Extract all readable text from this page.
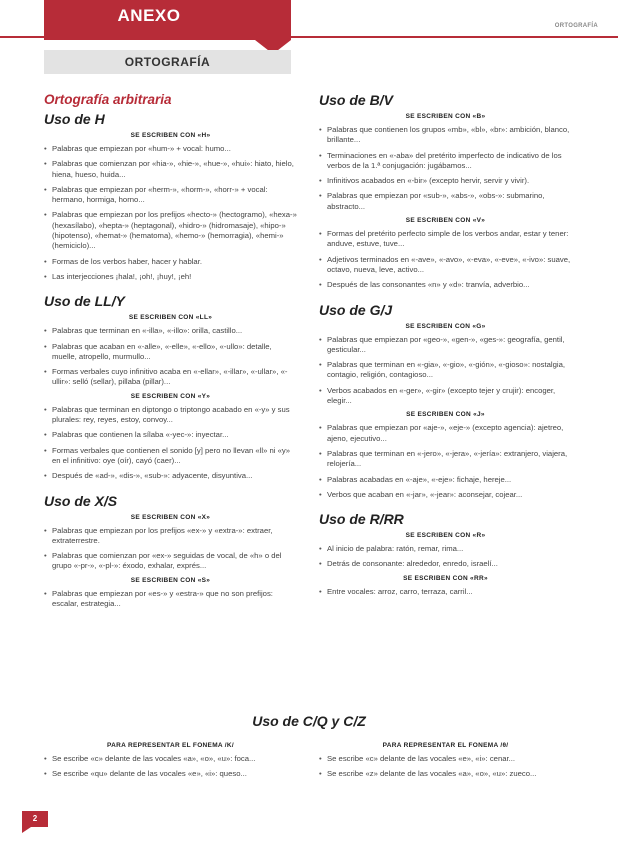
ANEXO
ORTOGRAFÍA
ORTOGRAFÍA
Ortografía arbitraria
Uso de H
SE ESCRIBEN CON «H»
• Palabras que empiezan por «hum-» + vocal: humo...
• Palabras que comienzan por «hia-», «hie-», «hue-», «hui»: hiato, hielo, hiena, hueso, huida...
• Palabras que empiezan por «herm-», «horm-», «horr-» + vocal: hermano, hormiga, horno...
• Palabras que empiezan por los prefijos «hecto-» (hectogramo), «hexa-» (hexasílabo), «hepta-» (heptagonal), «hidro-» (hidromasaje), «hipo-» (hipotenso), «hemat-» (hematoma), «hemo-» (hemorragia), «hemi-» (hemiciclo)...
• Formas de los verbos haber, hacer y hablar.
• Las interjecciones ¡hala!, ¡oh!, ¡huy!, ¡eh!
Uso de LL/Y
SE ESCRIBEN CON «LL»
• Palabras que terminan en «-illa», «-illo»: orilla, castillo...
• Palabras que acaban en «-alle», «-elle», «-ello», «-ullo»: detalle, muelle, atropello, murmullo...
• Formas verbales cuyo infinitivo acaba en «-ellar», «-illar», «-ullar», «-ullir»: selló (sellar), pillaba (pillar)...
SE ESCRIBEN CON «Y»
• Palabras que terminan en diptongo o triptongo acabado en «-y» y sus plurales: rey, reyes, estoy, convoy...
• Palabras que contienen la sílaba «-yec-»: inyectar...
• Formas verbales que contienen el sonido [y] pero no llevan «ll» ni «y» en el infinitivo: oye (oír), cayó (caer)...
• Después de «ad-», «dis-», «sub-»: adyacente, disyuntiva...
Uso de X/S
SE ESCRIBEN CON «X»
• Palabras que empiezan por los prefijos «ex-» y «extra-»: extraer, extraterrestre.
• Palabras que comienzan por «ex-» seguidas de vocal, de «h» o del grupo «-pr-», «-pl-»: éxodo, exhalar, exprés...
SE ESCRIBEN CON «S»
• Palabras que empiezan por «es-» y «estra-» que no son prefijos: escalar, estrategia...
Uso de B/V
SE ESCRIBEN CON «B»
• Palabras que contienen los grupos «mb», «bl», «br»: ambición, blanco, brillante...
• Terminaciones en «-aba» del pretérito imperfecto de indicativo de los verbos de la 1.ª conjugación: jugábamos...
• Infinitivos acabados en «-bir» (excepto hervir, servir y vivir).
• Palabras que empiezan por «sub-», «abs-», «obs-»: submarino, abstracto...
SE ESCRIBEN CON «V»
• Formas del pretérito perfecto simple de los verbos andar, estar y tener: anduve, estuve, tuve...
• Adjetivos terminados en «-ave», «-avo», «-eva», «-eve», «-ivo»: suave, octavo, nueva, leve, activo...
• Después de las consonantes «n» y «d»: tranvía, adverbio...
Uso de G/J
SE ESCRIBEN CON «G»
• Palabras que empiezan por «geo-», «gen-», «ges-»: geografía, gentil, gesticular...
• Palabras que terminan en «-gia», «-gio», «-gión», «-gioso»: nostalgia, contagio, religión, contagioso...
• Verbos acabados en «-ger», «-gir» (excepto tejer y crujir): encoger, elegir...
SE ESCRIBEN CON «J»
• Palabras que empiezan por «aje-», «eje-» (excepto agencia): ajetreo, ajeno, ejecutivo...
• Palabras que terminan en «-jero», «-jera», «-jería»: extranjero, viajera, relojería...
• Palabras acabadas en «-aje», «-eje»: fichaje, hereje...
• Verbos que acaban en «-jar», «-jear»: aconsejar, cojear...
Uso de R/RR
SE ESCRIBEN CON «R»
• Al inicio de palabra: ratón, remar, rima...
• Detrás de consonante: alrededor, enredo, israelí...
SE ESCRIBEN CON «RR»
• Entre vocales: arroz, carro, terraza, carril...
Uso de C/Q y C/Z
PARA REPRESENTAR EL FONEMA /K/
• Se escribe «c» delante de las vocales «a», «o», «u»: foca...
• Se escribe «qu» delante de las vocales «e», «i»: queso...
PARA REPRESENTAR EL FONEMA /θ/
• Se escribe «c» delante de las vocales «e», «i»: cenar...
• Se escribe «z» delante de las vocales «a», «o», «u»: zueco...
2
